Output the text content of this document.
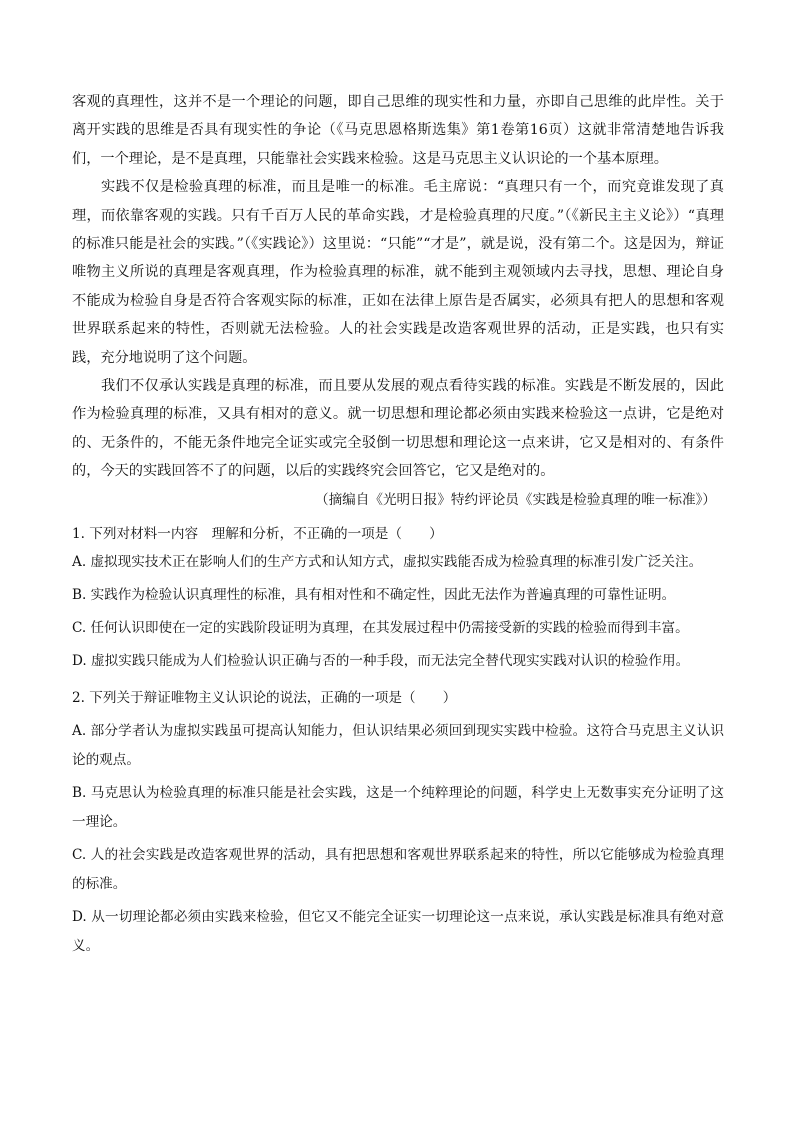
客观的真理性，这并不是一个理论的问题，即自己思维的现实性和力量，亦即自己思维的此岸性。关于离开实践的思维是否具有现实性的争论（《马克思恩格斯选集》第1卷第16页）这就非常清楚地告诉我们，一个理论，是不是真理，只能靠社会实践来检验。这是马克思主义认识论的一个基本原理。

实践不仅是检验真理的标准，而且是唯一的标准。毛主席说：“真理只有一个，而究竟谁发现了真理，而依靠客观的实践。只有千百万人民的革命实践，才是检验真理的尺度。”（《新民主主义论》）“真理的标准只能是社会的实践。”（《实践论》）这里说：“只能”“才是”，就是说，没有第二个。这是因为，辩证唯物主义所说的真理是客观真理，作为检验真理的标准，就不能到主观领域内去寻找，思想、理论自身不能成为检验自身是否符合客观实际的标准，正如在法律上原告是否属实，必须具有把人的思想和客观世界联系起来的特性，否则就无法检验。人的社会实践是改造客观世界的活动，正是实践，也只有实践，充分地说明了这个问题。

我们不仅承认实践是真理的标准，而且要从发展的观点看待实践的标准。实践是不断发展的，因此作为检验真理的标准，又具有相对的意义。就一切思想和理论都必须由实践来检验这一点讲，它是绝对的、无条件的，不能无条件地完全证实或完全驳倒一切思想和理论这一点来讲，它又是相对的、有条件的，今天的实践回答不了的问题，以后的实践终究会回答它，它又是绝对的。

（摘编自《光明日报》特约评论员《实践是检验真理的唯一标准》）

1. 下列对材料一内容　理解和分析，不正确的一项是（　　）

A. 虚拟现实技术正在影响人们的生产方式和认知方式，虚拟实践能否成为检验真理的标准引发广泛关注。

B. 实践作为检验认识真理性的标准，具有相对性和不确定性，因此无法作为普遍真理的可靠性证明。

C. 任何认识即使在一定的实践阶段证明为真理，在其发展过程中仍需接受新的实践的检验而得到丰富。

D. 虚拟实践只能成为人们检验认识正确与否的一种手段，而无法完全替代现实实践对认识的检验作用。

2. 下列关于辩证唯物主义认识论的说法，正确的一项是（　　）

A. 部分学者认为虚拟实践虽可提高认知能力，但认识结果必须回到现实实践中检验。这符合马克思主义认识论的观点。

B. 马克思认为检验真理的标准只能是社会实践，这是一个纯粹理论的问题，科学史上无数事实充分证明了这一理论。

C. 人的社会实践是改造客观世界的活动，具有把思想和客观世界联系起来的特性，所以它能够成为检验真理的标准。

D. 从一切理论都必须由实践来检验，但它又不能完全证实一切理论这一点来说，承认实践是标准具有绝对意义。
